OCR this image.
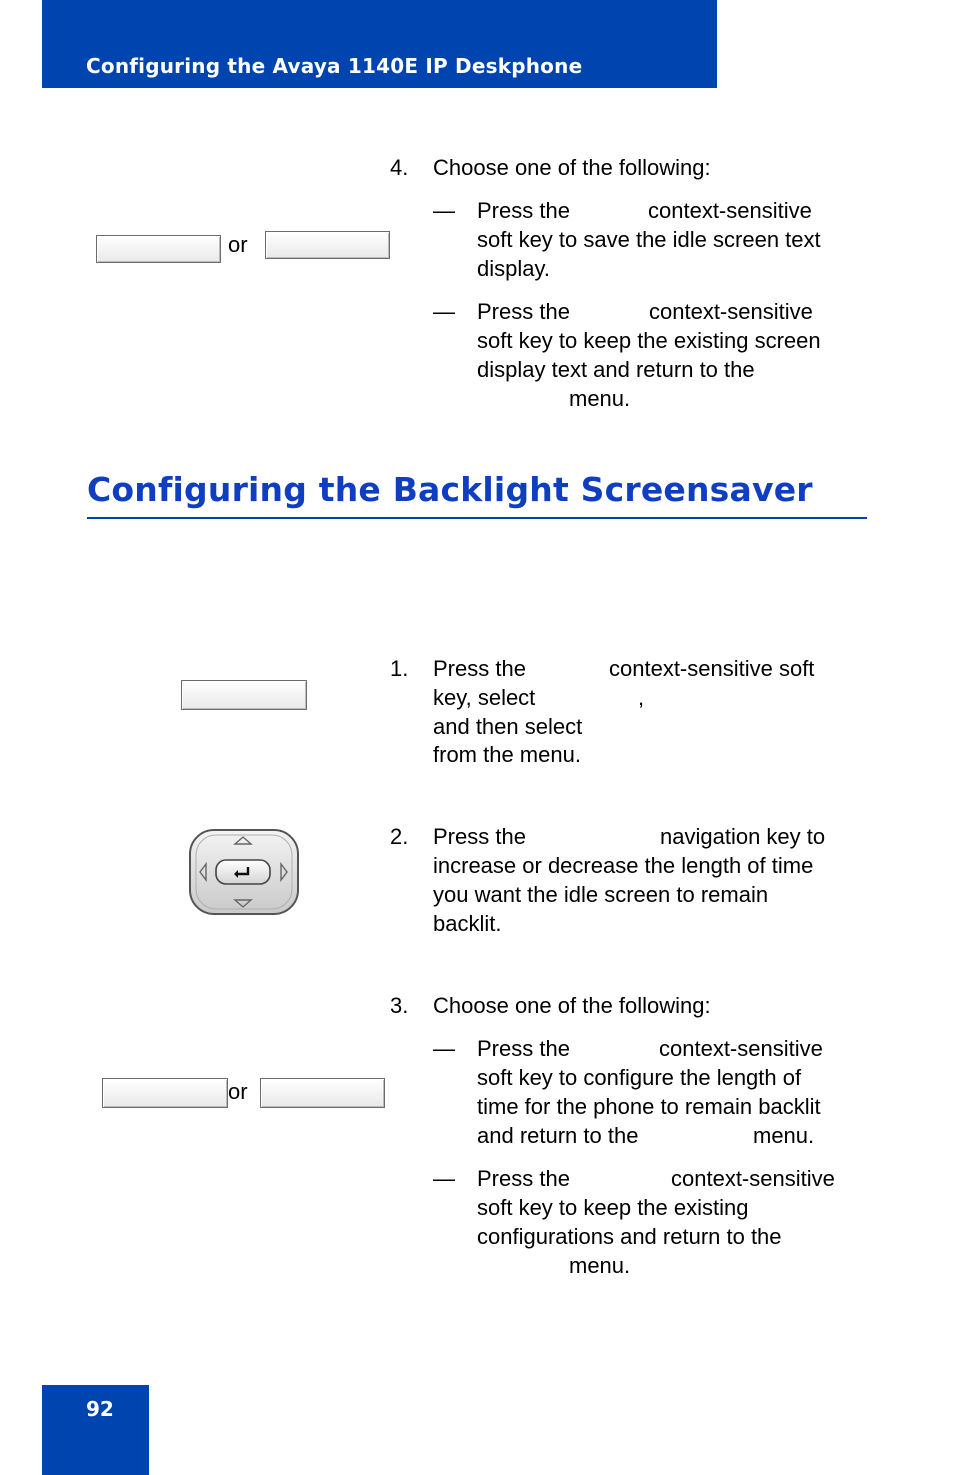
Configuring the Avaya 1140E IP Deskphone
or
4. Choose one of the following:
— Press the	context-sensitive
soft key to save the idle screen text
display.
— Press the	context-sensitive
soft key to keep the existing screen
display text and return to the
menu.
Configuring the Backlight Screensaver
1. Press the	context-sensitive soft
key, select	,
and then select
from the menu.
2. Press the	navigation key to
increase or decrease the length of time
you want the idle screen to remain
backlit.
or
3. Choose one of the following:
— Press the	context-sensitive
soft key to configure the length of
time for the phone to remain backlit
and return to the	menu.
— Press the	context-sensitive
soft key to keep the existing
configurations and return to the
menu.
92
